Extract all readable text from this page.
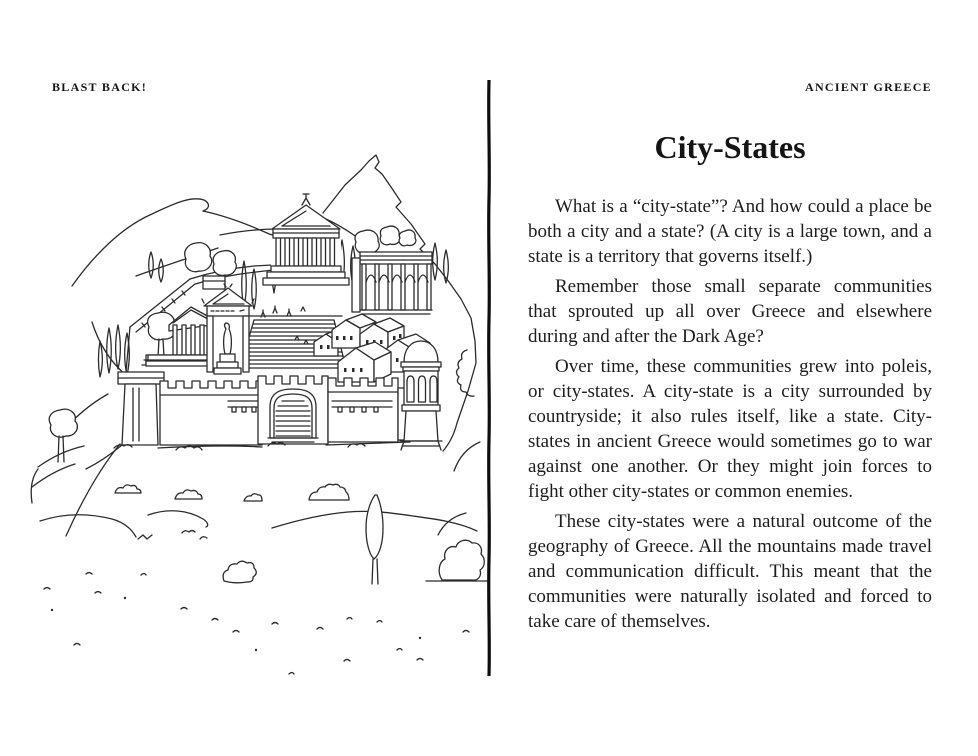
BLAST BACK!	ANCIENT GREECE
City-States

What is a “city-state”? And how could a place be both a city and a state? (A city is a large town, and a state is a territory that governs itself.)

Remember those small separate communities that sprouted up all over Greece and elsewhere during and after the Dark Age?

Over time, these communities grew into poleis, or city-states. A city-state is a city surrounded by countryside; it also rules itself, like a state. City-states in ancient Greece would sometimes go to war against one another. Or they might join forces to fight other city-states or common enemies.

These city-states were a natural outcome of the geography of Greece. All the mountains made travel and communication difficult. This meant that the communities were naturally isolated and forced to take care of themselves.
